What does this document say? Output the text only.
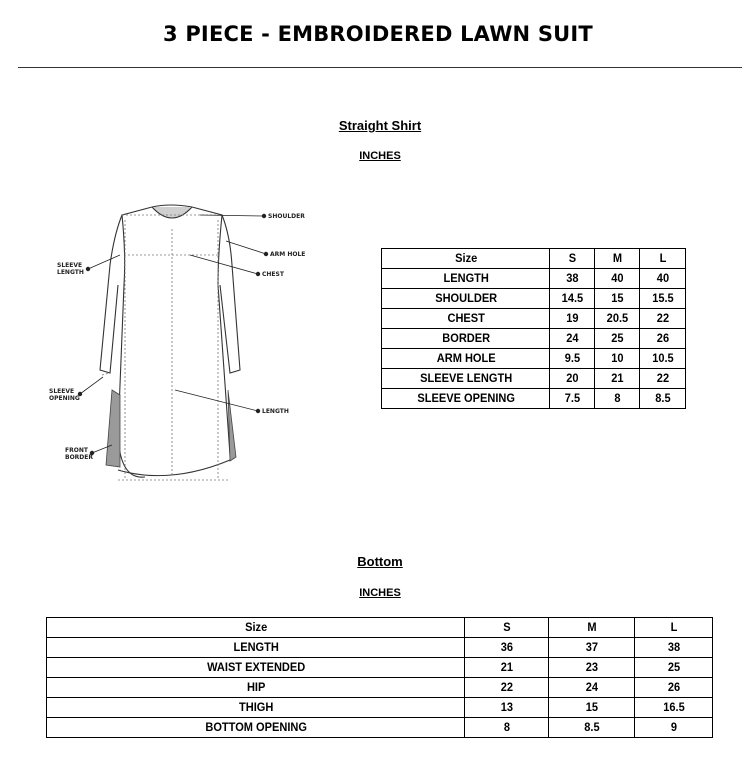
3 PIECE - EMBROIDERED LAWN SUIT
Straight Shirt
INCHES
SHOULDER
ARM HOLE
CHEST
SLEEVE
LENGTH
SLEEVE
OPENING
LENGTH
FRONT
BORDER
Size	S	M	L
LENGTH	38	40	40
SHOULDER	14.5	15	15.5
CHEST	19	20.5	22
BORDER	24	25	26
ARM HOLE	9.5	10	10.5
SLEEVE LENGTH	20	21	22
SLEEVE OPENING	7.5	8	8.5
Bottom
INCHES
Size	S	M	L
LENGTH	36	37	38
WAIST EXTENDED	21	23	25
HIP	22	24	26
THIGH	13	15	16.5
BOTTOM OPENING	8	8.5	9
